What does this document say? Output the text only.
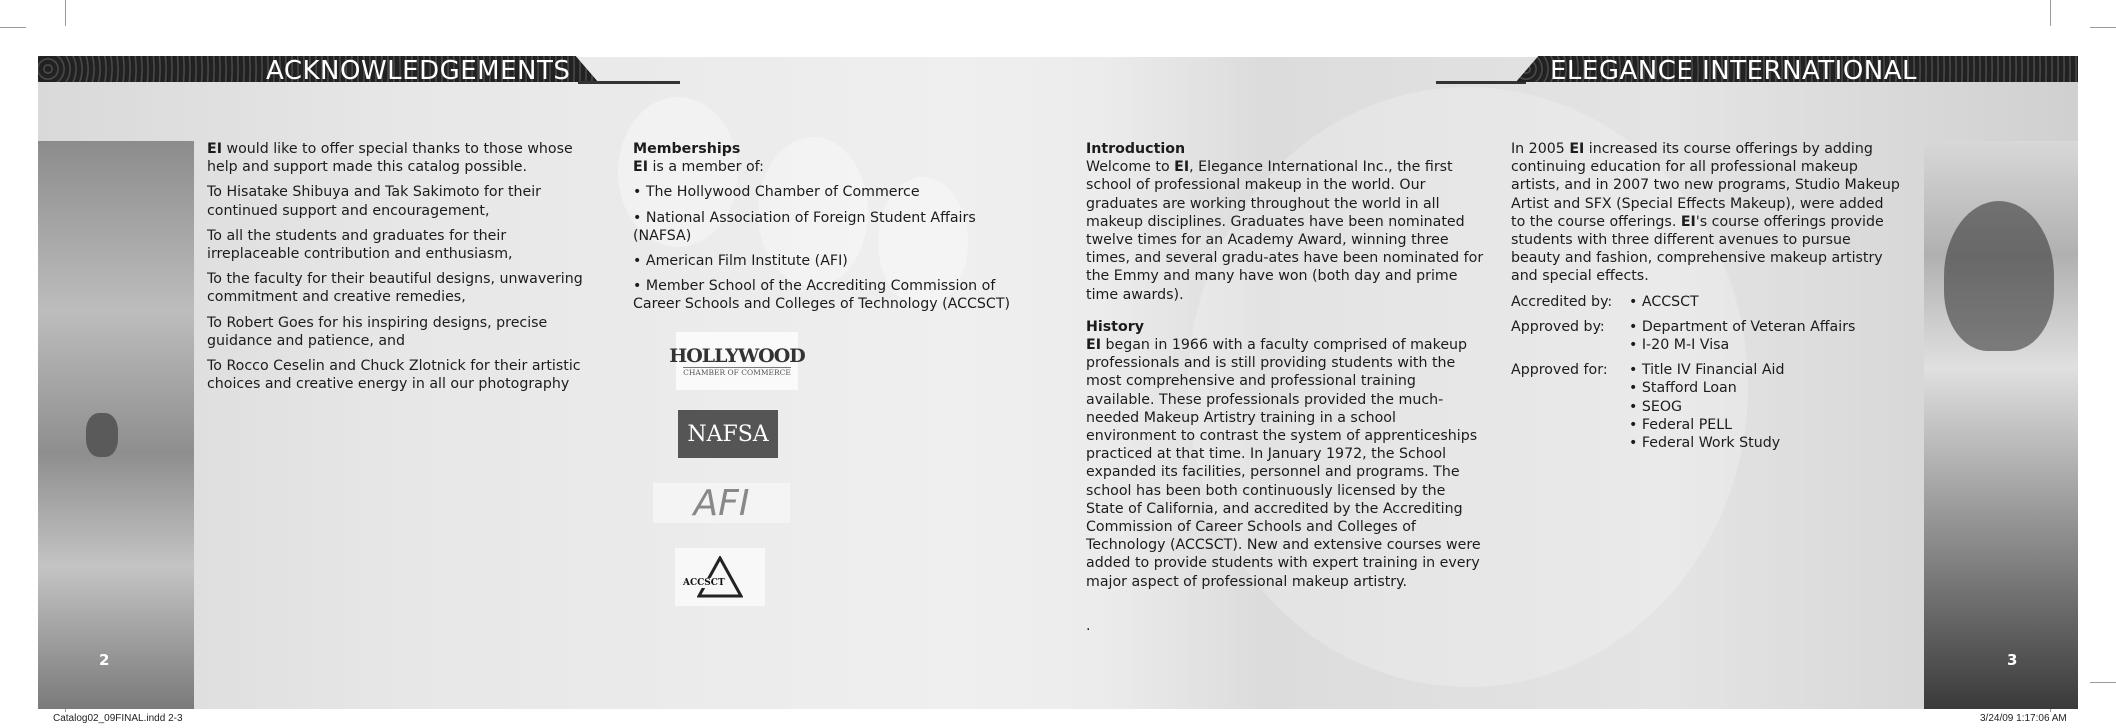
ACKNOWLEDGEMENTS	ELEGANCE INTERNATIONAL
2	3

EI would like to offer special thanks to those whose help and support made this catalog possible.

To Hisatake Shibuya and Tak Sakimoto for their continued support and encouragement,

To all the students and graduates for their irreplaceable contribution and enthusiasm,

To the faculty for their beautiful designs, unwavering commitment and creative remedies,

To Robert Goes for his inspiring designs, precise guidance and patience, and

To Rocco Ceselin and Chuck Zlotnick for their artistic choices and creative energy in all our photography

Memberships

EI is a member of:

• The Hollywood Chamber of Commerce
• National Association of Foreign Student Affairs (NAFSA)
• American Film Institute (AFI)
• Member School of the Accrediting Commission of Career Schools and Colleges of Technology (ACCSCT)
HOLLYWOOD
CHAMBER OF COMMERCE
NAFSA
AFI
ACCSCT
Introduction

Welcome to EI, Elegance International Inc., the first school of professional makeup in the world. Our graduates are working throughout the world in all makeup disciplines. Graduates have been nominated twelve times for an Academy Award, winning three times, and several gradu-ates have been nominated for the Emmy and many have won (both day and prime time awards).

History

EI began in 1966 with a faculty comprised of makeup professionals and is still providing students with the most comprehensive and professional training available. These professionals provided the much-needed Makeup Artistry training in a school environment to contrast the system of apprenticeships practiced at that time. In January 1972, the School expanded its facilities, personnel and programs. The school has been both continuously licensed by the State of California, and accredited by the Accrediting Commission of Career Schools and Colleges of Technology (ACCSCT). New and extensive courses were added to provide students with expert training in every major aspect of professional makeup artistry.

.

In 2005 EI increased its course offerings by adding continuing education for all professional makeup artists, and in 2007 two new programs, Studio Makeup Artist and SFX (Special Effects Makeup), were added to the course offerings. EI's course offerings provide students with three different avenues to pursue beauty and fashion, comprehensive makeup artistry and special effects.

Accredited by:	• ACCSCT
Approved by:	• Department of Veteran Affairs
• I-20 M-I Visa
Approved for:	• Title IV Financial Aid
• Stafford Loan
• SEOG
• Federal PELL
• Federal Work Study
Catalog02_09FINAL.indd 2-3	3/24/09 1:17:06 AM
